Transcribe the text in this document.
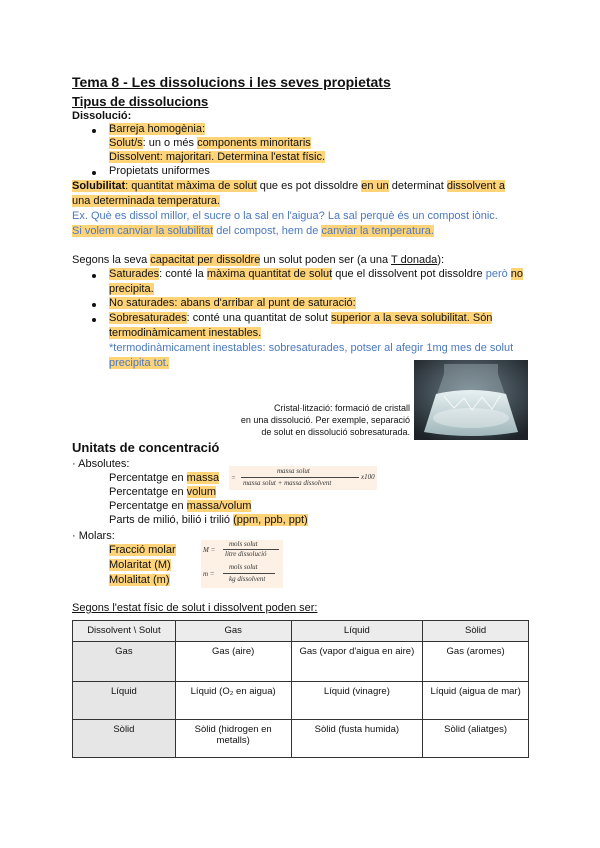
Tema 8 - Les dissolucions i les seves propietats
Tipus de dissolucions
Dissolució:
Barreja homogènia:
Solut/s: un o més components minoritaris
Dissolvent: majoritari. Determina l'estat físic.
Propietats uniformes
Solubilitat: quantitat màxima de solut que es pot dissoldre en un determinat dissolvent a
una determinada temperatura.
Ex. Què es dissol millor, el sucre o la sal en l'aigua? La sal perquè és un compost iònic.
Si volem canviar la solubilitat del compost, hem de canviar la temperatura.
Segons la seva capacitat per dissoldre un solut poden ser (a una T donada):
Saturades: conté la màxima quantitat de solut que el dissolvent pot dissoldre però no
precipita.
No saturades: abans d'arribar al punt de saturació:
Sobresaturades: conté una quantitat de solut superior a la seva solubilitat. Són
termodinàmicament inestables.
*termodinàmicament inestables: sobresaturades, potser al afegir 1mg mes de solut
precipita tot.
Cristal·lització: formació de cristall
en una dissolució. Per exemple, separació
de solut en dissolució sobresaturada.
Unitats de concentració
· Absolutes:
Percentatge en massa
Percentatge en volum
Percentatge en massa/volum
Parts de milió, bilió i trilió (ppm, ppb, ppt)
=
massa solut
massa solut + massa dissolvent
x100
· Molars:
Fracció molar
Molaritat (M)
Molalitat (m)
M =
mols solut
litre dissolució
m =
mols solut
kg dissolvent
Segons l'estat físic de solut i dissolvent poden ser:
Dissolvent \ Solut	Gas	Líquid	Sòlid
Gas	Gas (aire)	Gas (vapor d'aigua en aire)	Gas (aromes)
Líquid	Líquid (O₂ en aigua)	Líquid (vinagre)	Líquid (aigua de mar)
Sòlid	Sòlid (hidrogen en metalls)	Sòlid (fusta humida)	Sòlid (aliatges)
